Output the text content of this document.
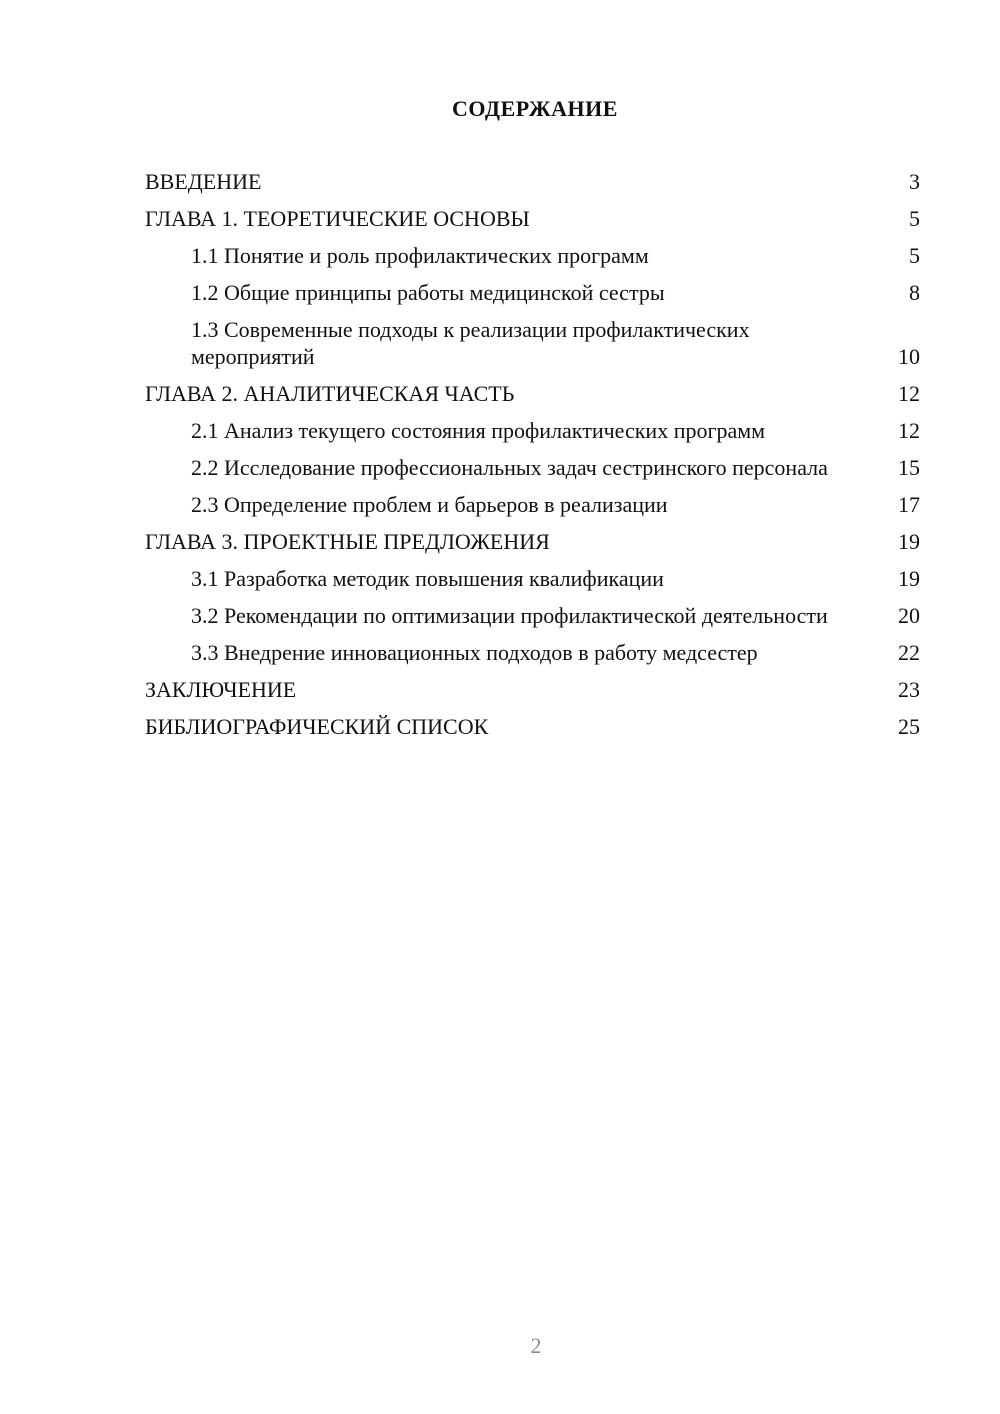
СОДЕРЖАНИЕ
ВВЕДЕНИЕ	3
ГЛАВА 1. ТЕОРЕТИЧЕСКИЕ ОСНОВЫ	5
1.1 Понятие и роль профилактических программ	5
1.2 Общие принципы работы медицинской сестры	8
1.3 Современные подходы к реализации профилактических мероприятий	10
ГЛАВА 2. АНАЛИТИЧЕСКАЯ ЧАСТЬ	12
2.1 Анализ текущего состояния профилактических программ	12
2.2 Исследование профессиональных задач сестринского персонала	15
2.3 Определение проблем и барьеров в реализации	17
ГЛАВА 3. ПРОЕКТНЫЕ ПРЕДЛОЖЕНИЯ	19
3.1 Разработка методик повышения квалификации	19
3.2 Рекомендации по оптимизации профилактической деятельности	20
3.3 Внедрение инновационных подходов в работу медсестер	22
ЗАКЛЮЧЕНИЕ	23
БИБЛИОГРАФИЧЕСКИЙ СПИСОК	25
2
